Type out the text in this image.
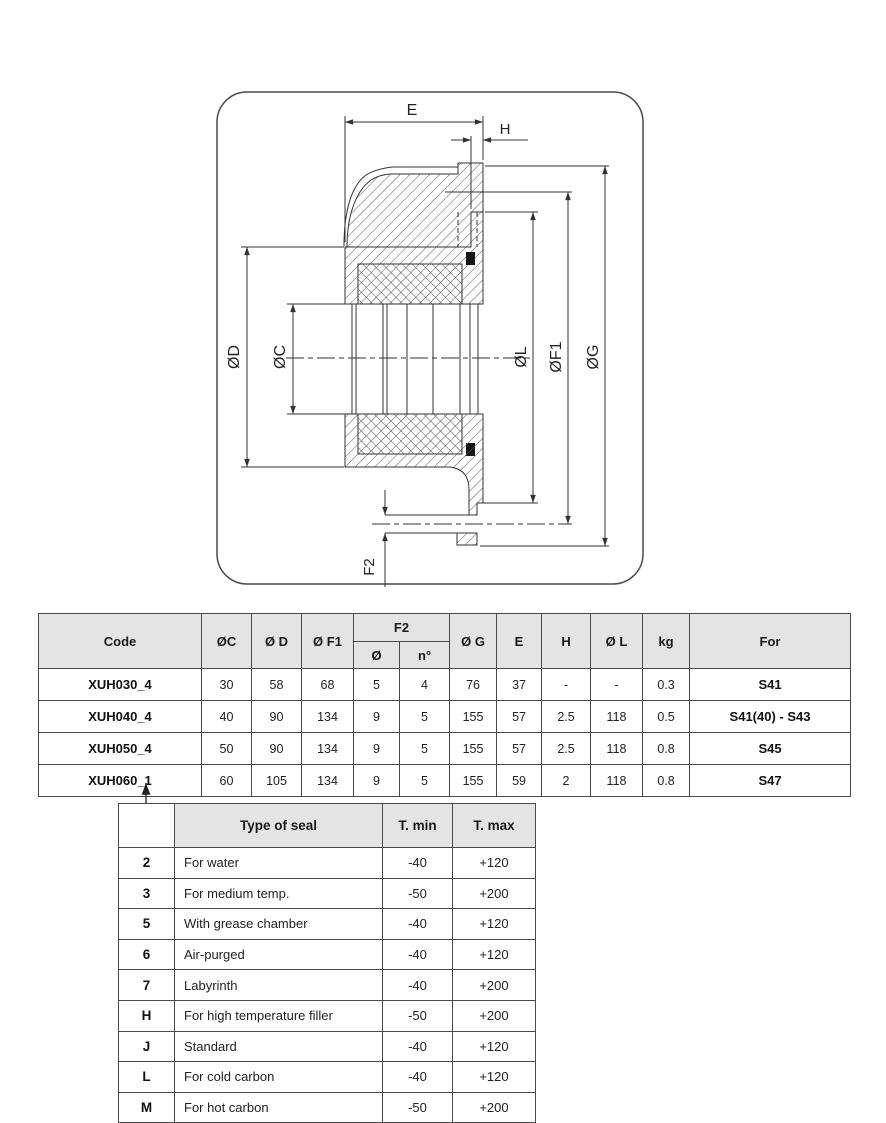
E
H
ØD ØC	ØL ØF1 ØG
F2
Code	ØC	Ø D	Ø F1	F2		Ø G	E	H	Ø L	kg	For
				Ø	n°						
XUH030_4	30	58	68	5	4	76	37	-	-	0.3	S41
XUH040_4	40	90	134	9	5	155	57	2.5	118	0.5	S41(40) - S43
XUH050_4	50	90	134	9	5	155	57	2.5	118	0.8	S45
XUH060_1	60	105	134	9	5	155	59	2	118	0.8	S47
	Type of seal	T. min	T. max
2	For water	-40	+120
3	For medium temp.	-50	+200
5	With grease chamber	-40	+120
6	Air-purged	-40	+120
7	Labyrinth	-40	+200
H	For high temperature filler	-50	+200
J	Standard	-40	+120
L	For cold carbon	-40	+120
M	For hot carbon	-50	+200
